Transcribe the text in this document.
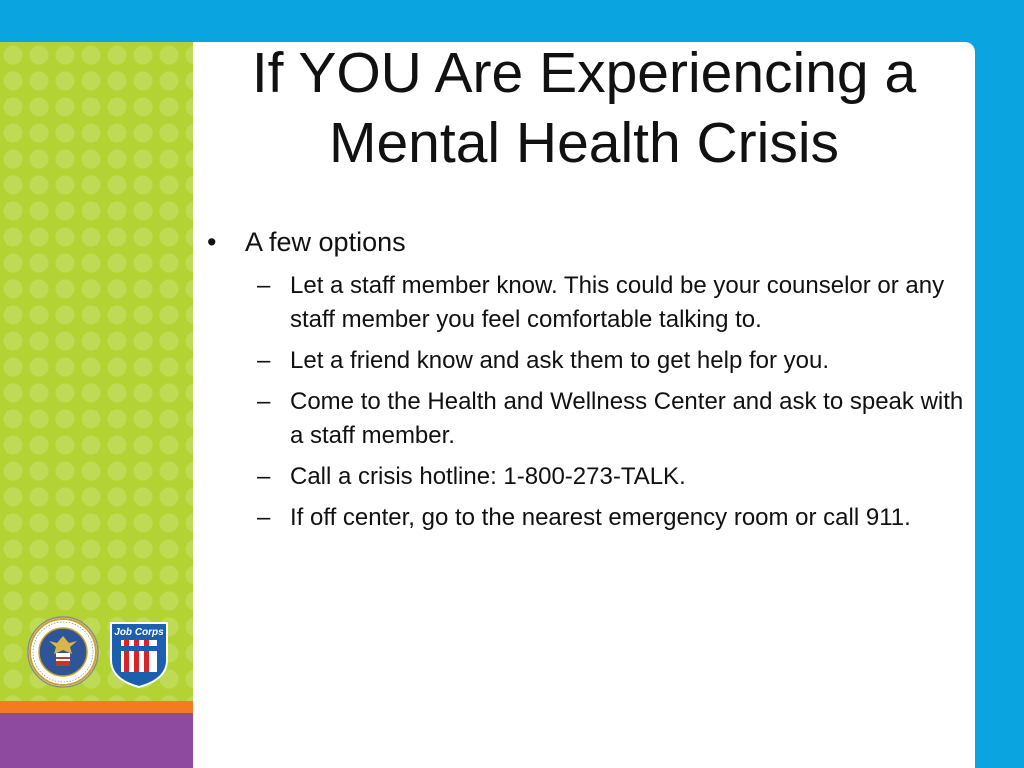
If YOU Are Experiencing a Mental Health Crisis
• A few options
– Let a staff member know. This could be your counselor or any staff member you feel comfortable talking to.
– Let a friend know and ask them to get help for you.
– Come to the Health and Wellness Center and ask to speak with a staff member.
– Call a crisis hotline: 1-800-273-TALK.
– If off center, go to the nearest emergency room or call 911.
Job Corps
